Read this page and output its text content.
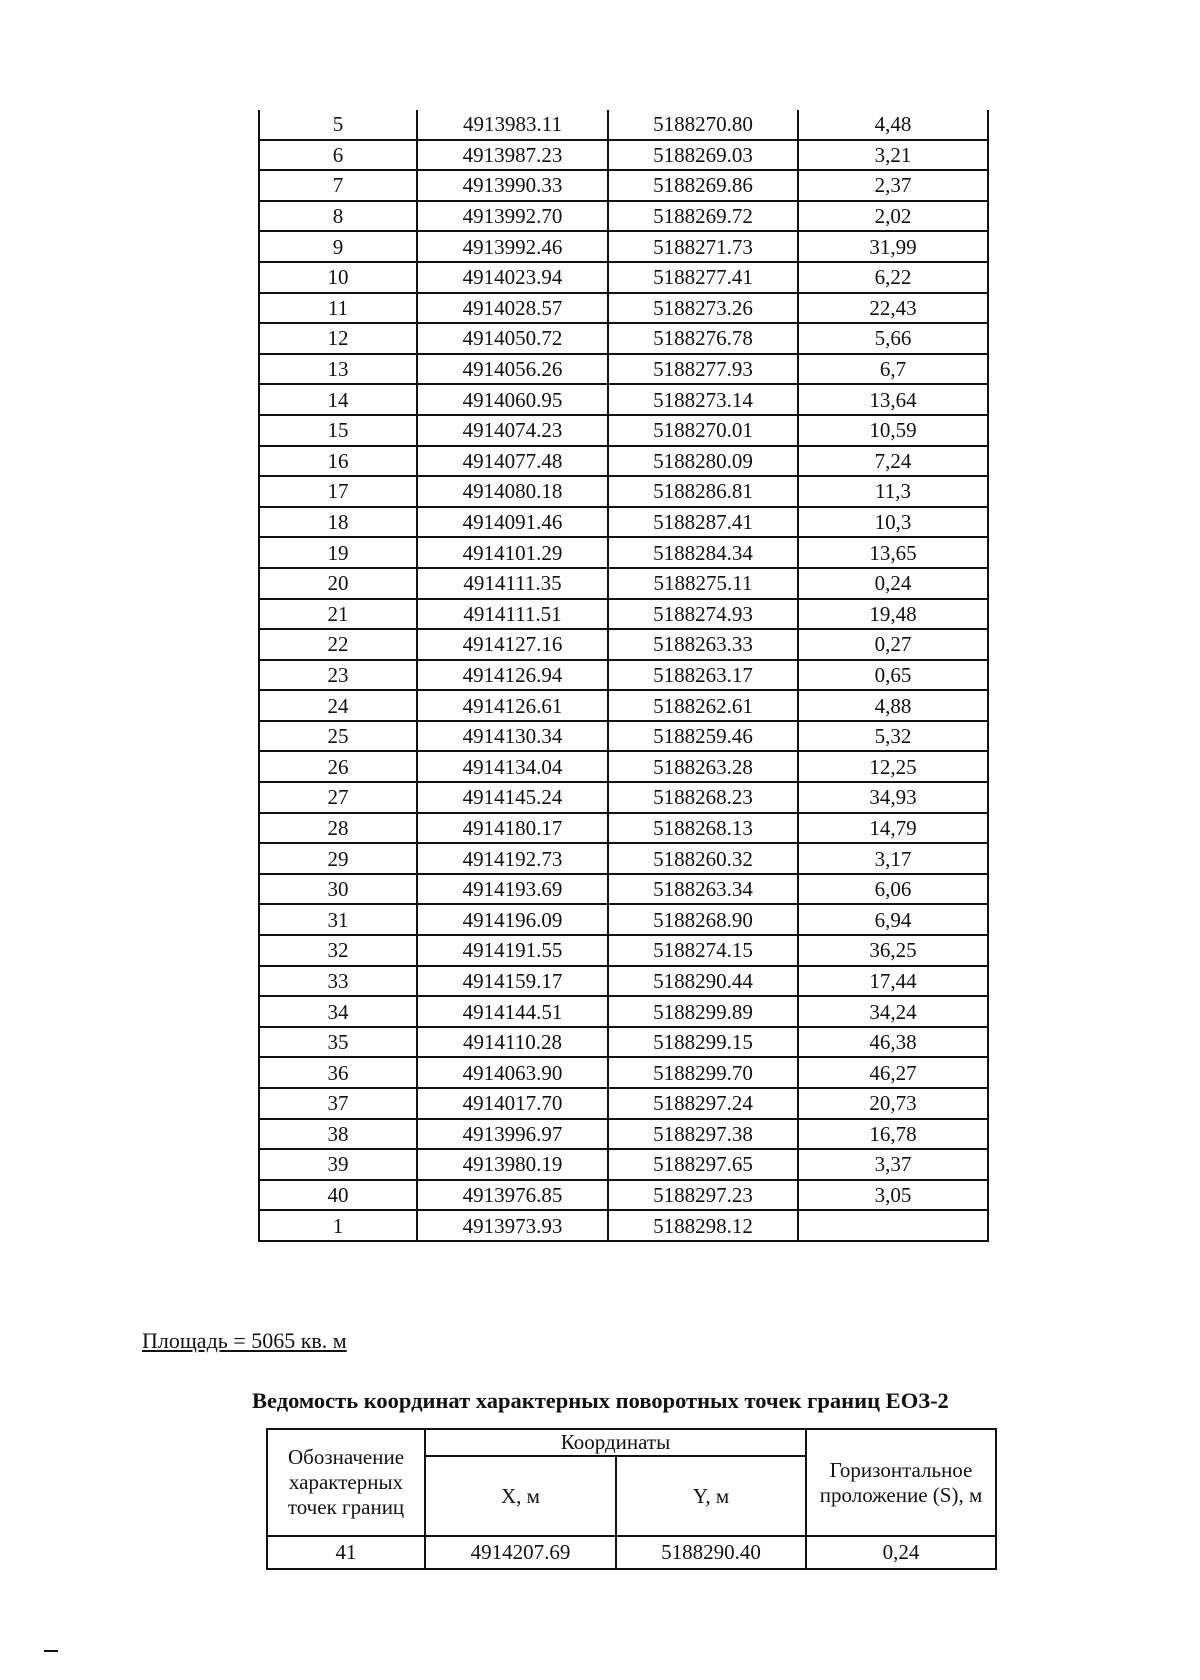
5	4913983.11	5188270.80	4,48
6	4913987.23	5188269.03	3,21
7	4913990.33	5188269.86	2,37
8	4913992.70	5188269.72	2,02
9	4913992.46	5188271.73	31,99
10	4914023.94	5188277.41	6,22
11	4914028.57	5188273.26	22,43
12	4914050.72	5188276.78	5,66
13	4914056.26	5188277.93	6,7
14	4914060.95	5188273.14	13,64
15	4914074.23	5188270.01	10,59
16	4914077.48	5188280.09	7,24
17	4914080.18	5188286.81	11,3
18	4914091.46	5188287.41	10,3
19	4914101.29	5188284.34	13,65
20	4914111.35	5188275.11	0,24
21	4914111.51	5188274.93	19,48
22	4914127.16	5188263.33	0,27
23	4914126.94	5188263.17	0,65
24	4914126.61	5188262.61	4,88
25	4914130.34	5188259.46	5,32
26	4914134.04	5188263.28	12,25
27	4914145.24	5188268.23	34,93
28	4914180.17	5188268.13	14,79
29	4914192.73	5188260.32	3,17
30	4914193.69	5188263.34	6,06
31	4914196.09	5188268.90	6,94
32	4914191.55	5188274.15	36,25
33	4914159.17	5188290.44	17,44
34	4914144.51	5188299.89	34,24
35	4914110.28	5188299.15	46,38
36	4914063.90	5188299.70	46,27
37	4914017.70	5188297.24	20,73
38	4913996.97	5188297.38	16,78
39	4913980.19	5188297.65	3,37
40	4913976.85	5188297.23	3,05
1	4913973.93	5188298.12	
Площадь = 5065 кв. м
Ведомость координат характерных поворотных точек границ ЕОЗ-2
Обозначение характерных точек границ	Координаты		Горизонтальное проложение (S), м
	X, м	Y, м	
41	4914207.69	5188290.40	0,24
